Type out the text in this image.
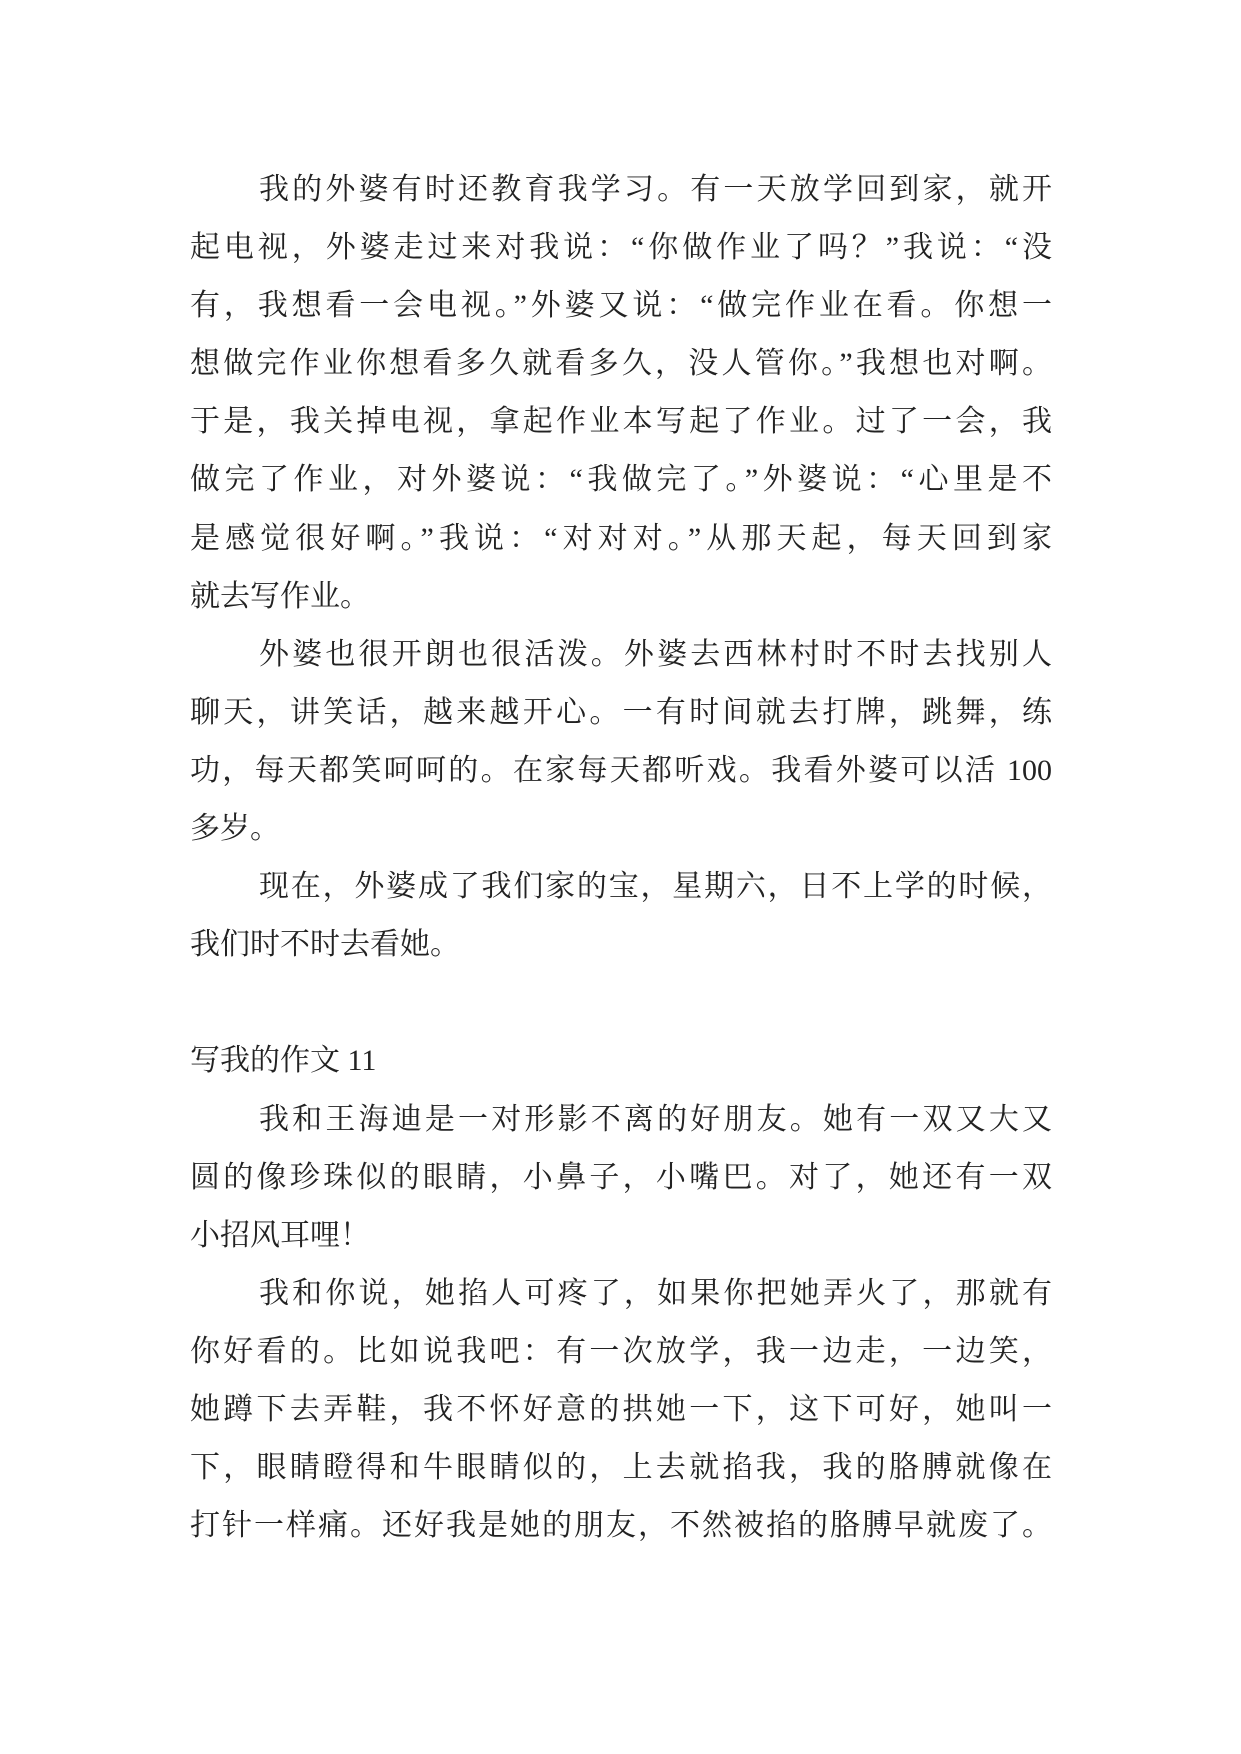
我的外婆有时还教育我学习。有一天放学回到家，就开
起电视，外婆走过来对我说：“你做作业了吗？”我说：“没
有，我想看一会电视。”外婆又说：“做完作业在看。你想一
想做完作业你想看多久就看多久，没人管你。”我想也对啊。
于是，我关掉电视，拿起作业本写起了作业。过了一会，我
做完了作业，对外婆说：“我做完了。”外婆说：“心里是不
是感觉很好啊。”我说：“对对对。”从那天起，每天回到家
就去写作业。
外婆也很开朗也很活泼。外婆去西林村时不时去找别人
聊天，讲笑话，越来越开心。一有时间就去打牌，跳舞，练
功，每天都笑呵呵的。在家每天都听戏。我看外婆可以活 100
多岁。
现在，外婆成了我们家的宝，星期六，日不上学的时候，
我们时不时去看她。
写我的作文 11
我和王海迪是一对形影不离的好朋友。她有一双又大又
圆的像珍珠似的眼睛，小鼻子，小嘴巴。对了，她还有一双
小招风耳哩！
我和你说，她掐人可疼了，如果你把她弄火了，那就有
你好看的。比如说我吧：有一次放学，我一边走，一边笑，
她蹲下去弄鞋，我不怀好意的拱她一下，这下可好，她叫一
下，眼睛瞪得和牛眼睛似的，上去就掐我，我的胳膊就像在
打针一样痛。还好我是她的朋友，不然被掐的胳膊早就废了。
